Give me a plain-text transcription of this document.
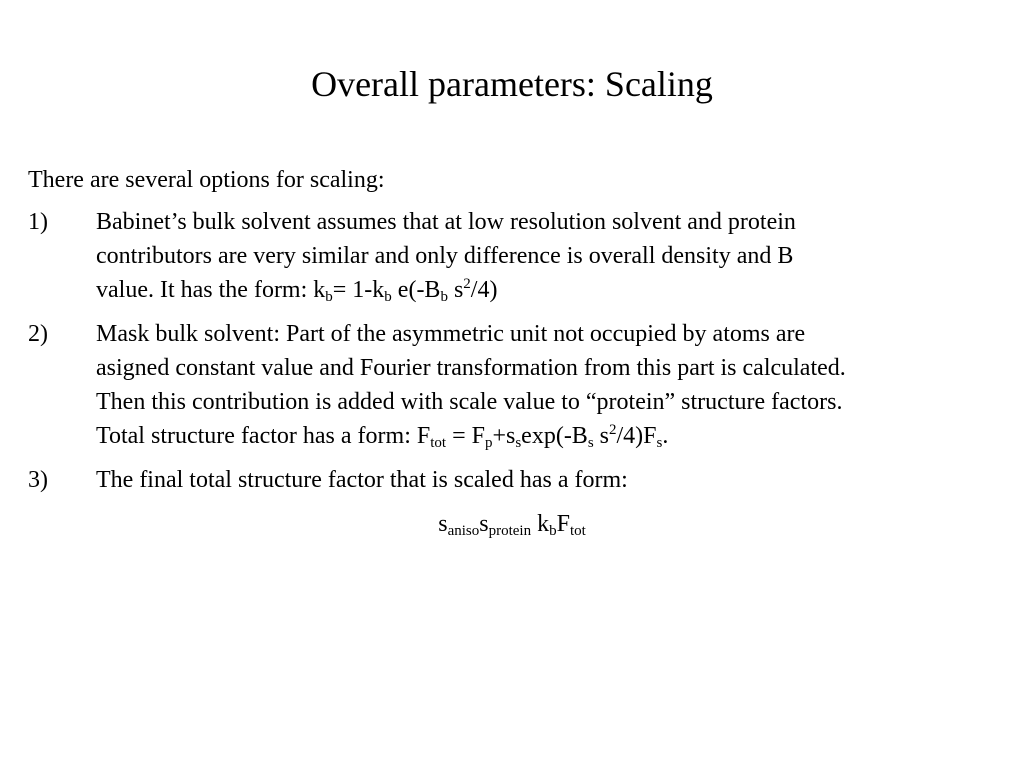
Overall parameters: Scaling

There are several options for scaling:

1) Babinet’s bulk solvent assumes that at low resolution solvent and protein
contributors are very similar and only difference is overall density and B
value. It has the form: $k_b= 1-k_b$ $e(-B_b$ $s^2/4$)
2) Mask bulk solvent: Part of the asymmetric unit not occupied by atoms are
asigned constant value and Fourier transformation from this part is calculated.
Then this contribution is added with scale value to “protein” structure factors.
Total structure factor has a form: $F_{tot} = F_p+s_s\exp(-B_s$ $s^2/4)F_s$.
3) The final total structure factor that is scaled has a form:
$s_{aniso}s_{protein}$ $k_bF_{tot}$
